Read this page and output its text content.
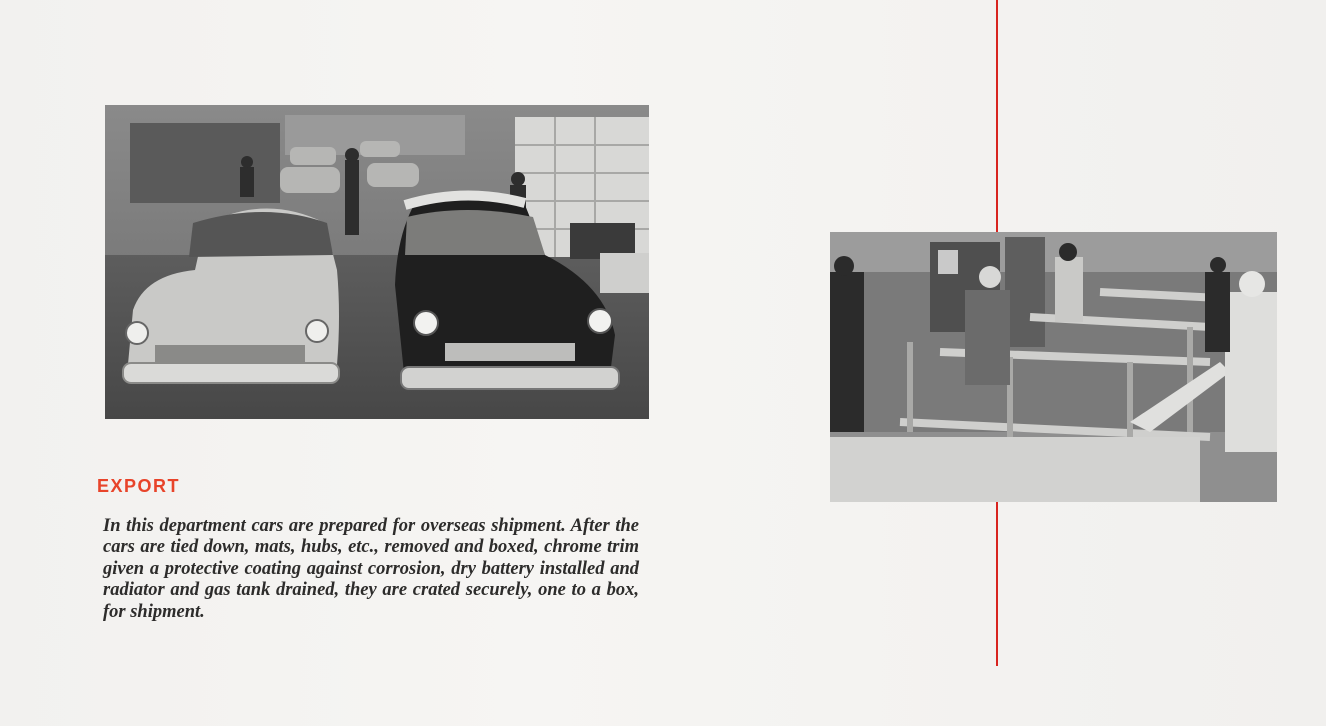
EXPORT

In this department cars are prepared for overseas shipment. After the cars are tied down, mats, hubs, etc., removed and boxed, chrome trim given a protective coating against corrosion, dry battery installed and radiator and gas tank drained, they are crated securely, one to a box, for shipment.
